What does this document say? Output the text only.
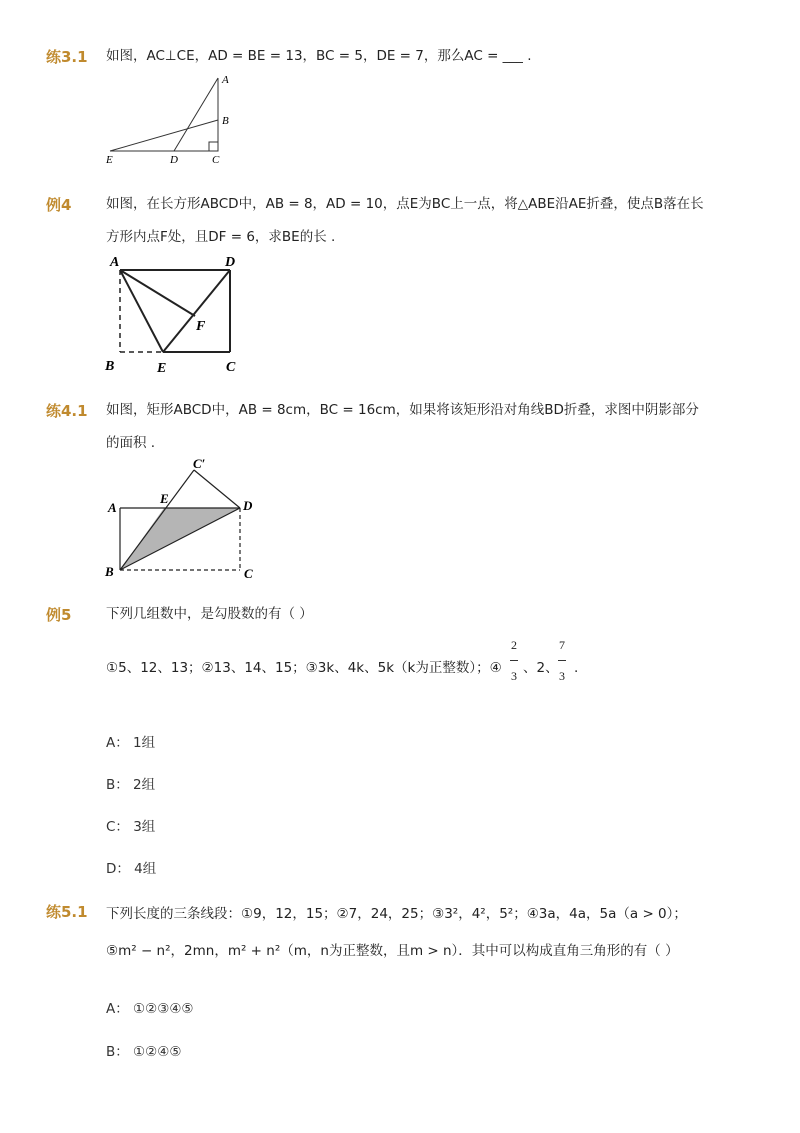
练3.1 如图，AC⊥CE，AD = BE = 13，BC = 5，DE = 7，那么AC = ___ .
A
B
C
D
E
例4	如图，在长方形ABCD中，AB = 8，AD = 10，点E为BC上一点，将△ABE沿AE折叠，使点B落在长
方形内点F处，且DF = 6，求BE的长 .
A	D
F
B	E	C
练4.1 如图，矩形ABCD中，AB = 8cm，BC = 16cm，如果将该矩形沿对角线BD折叠，求图中阴影部分
的面积 .
C′
E
A	D
B	C
例5	下列几组数中，是勾股数的有（ ）
①5、12、13；②13、14、15；③3k、4k、5k（k为正整数）；④ $\frac{2}{3}$ 、2、 $\frac{7}{3}$ .
A： 1组
B： 2组
C： 3组
D： 4组
练5.1 下列长度的三条线段：①9，12，15；②7，24，25；③3²，4²，5²；④3a，4a，5a（a > 0）；
⑤m² − n²，2mn，m² + n²（m，n为正整数，且m > n）．其中可以构成直角三角形的有（ ）
A： ①②③④⑤
B： ①②④⑤
